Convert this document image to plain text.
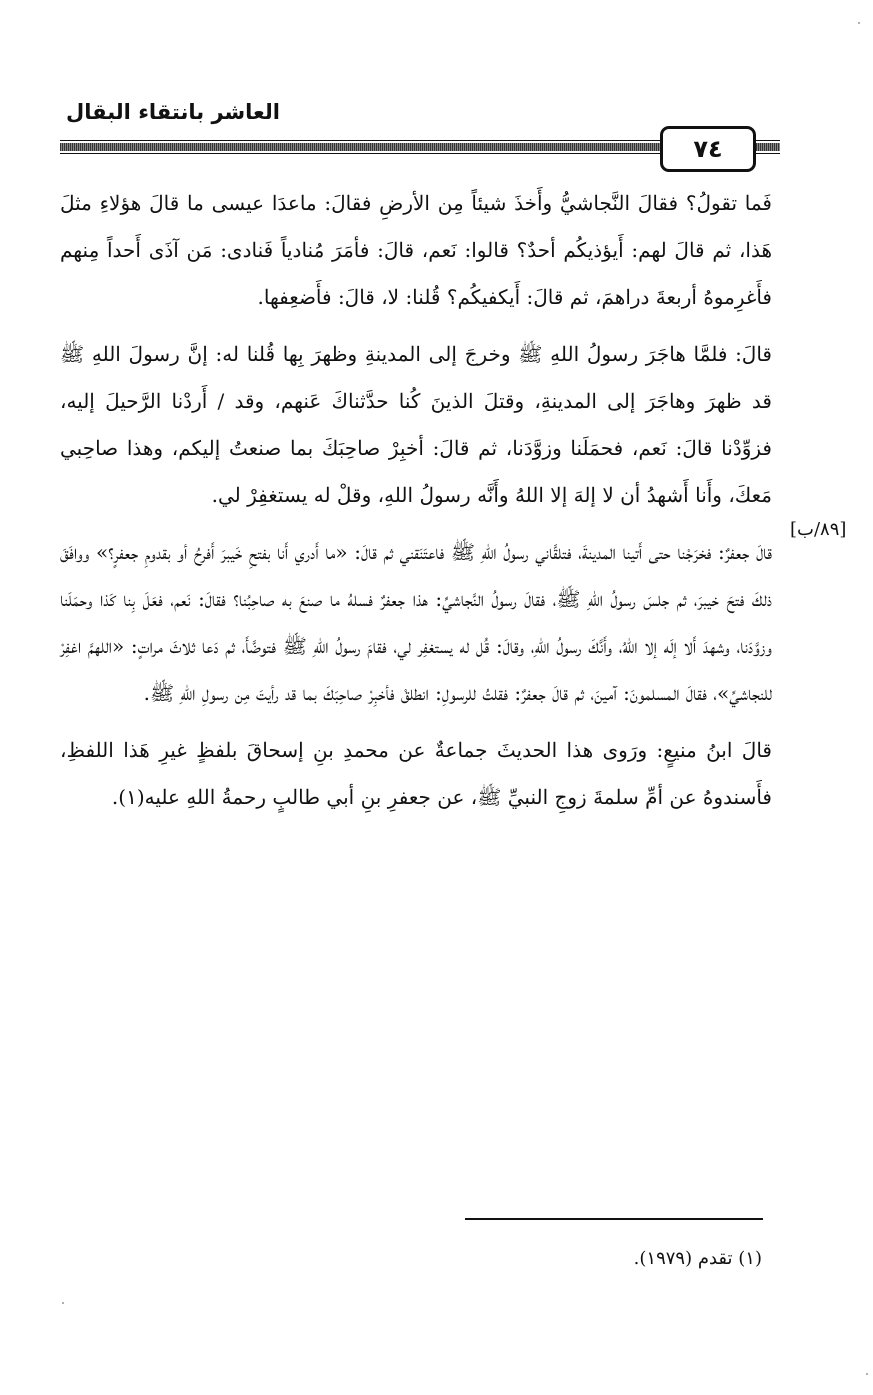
العاشر بانتقاء البقال
٧٤

فَما تقولُ؟ فقالَ النَّجاشيُّ وأَخذَ شيئاً مِن الأرضِ فقالَ: ماعدَا عيسى ما قالَ هؤلاءِ مثلَ هَذا، ثم قالَ لهم: أَيؤذيكُم أحدٌ؟ قالوا: نَعم، قالَ: فأمَرَ مُنادياً فَنادى: مَن آذَى أَحداً مِنهم فأَغرِموهُ أربعةَ دراهمَ، ثم قالَ: أَيكفيكُم؟ قُلنا: لا، قالَ: فأَضعِفها.

قالَ: فلمَّا هاجَرَ رسولُ اللهِ ﷺ وخرجَ إلى المدينةِ وظهرَ بِها قُلنا له: إنَّ رسولَ اللهِ ﷺ قد ظهرَ وهاجَرَ إلى المدينةِ، وقتلَ الذينَ كُنا حدَّثناكَ عَنهم، وقد / أَردْنا الرَّحيلَ إليه، فزوِّدْنا قالَ: نَعم، فحمَلَنا وزوَّدَنا، ثم قالَ: أخبِرْ صاحِبَكَ بما صنعتُ إليكم، وهذا صاحِبي مَعكَ، وأَنا أَشهدُ أن لا إلهَ إلا اللهُ وأَنَّه رسولُ اللهِ، وقلْ له يستغفِرْ لي.

قالَ جعفرٌ: فخرَجْنا حتى أَتينا المدينةَ، فتلقَّاني رسولُ اللهِ ﷺ فاعتَنَقني ثم قالَ: «ما أَدري أَنا بفتحِ خَيبرَ أَفرحُ أو بقدومِ جعفرٍ؟» ووافَقَ ذلكَ فتحَ خيبرَ، ثم جلسَ رسولُ اللهِ ﷺ، فقالَ رسولُ النَّجاشيِّ: هذا جعفرٌ فسلهُ ما صنعَ به صاحِبُنا؟ فقالَ: نَعم، فعَلَ بِنا كَذا وحمَلَنا وزوَّدَنا، وشهدَ أَلا إلَه إلا اللهُ، وأَنَّكَ رسولُ اللهِ، وقالَ: قُل له يستغفِر لي، فقامَ رسولُ اللهِ ﷺ فتوضَّأَ، ثم دَعا ثلاثَ مراتٍ: «اللهمَّ اغفِرْ للنجاشيِّ»، فقالَ المسلمونَ: آمينَ، ثم قالَ جعفرٌ: فقلتُ للرسولِ: انطلقْ فأخبِرْ صاحِبَكَ بما قد رأيتَ مِن رسولِ اللهِ ﷺ.

قالَ ابنُ منيعٍ: ورَوى هذا الحديثَ جماعةٌ عن محمدِ بنِ إسحاقَ بلفظٍ غيرِ هَذا اللفظِ، فأَسندوهُ عن أمِّ سلمةَ زوجِ النبيِّ ﷺ، عن جعفرِ بنِ أبي طالبٍ رحمةُ اللهِ عليه(١).

[٨٩/ب]
(١) تقدم (١٩٧٩).
